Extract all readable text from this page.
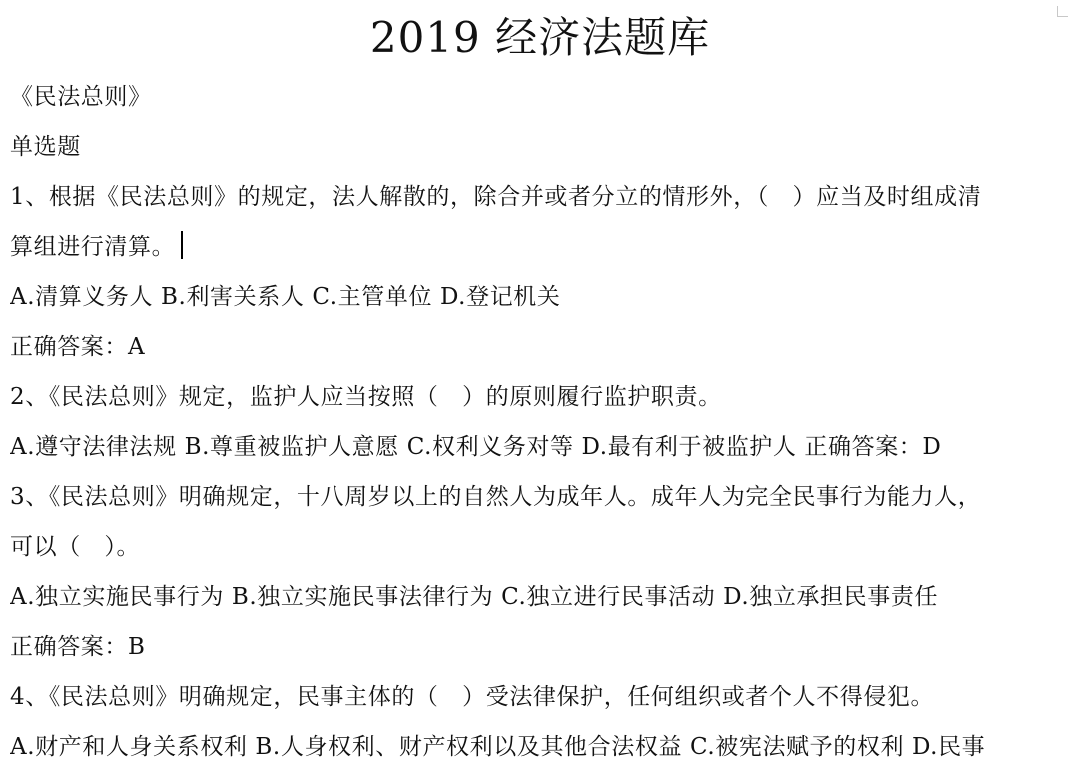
2019 经济法题库

《民法总则》

单选题

1、根据《民法总则》的规定，法人解散的，除合并或者分立的情形外，（　）应当及时组成清

算组进行清算。

A.清算义务人 B.利害关系人 C.主管单位 D.登记机关

正确答案：A

2、《民法总则》规定，监护人应当按照（　）的原则履行监护职责。

A.遵守法律法规 B.尊重被监护人意愿 C.权利义务对等 D.最有利于被监护人 正确答案：D

3、《民法总则》明确规定，十八周岁以上的自然人为成年人。成年人为完全民事行为能力人，

可以（　）。

A.独立实施民事行为 B.独立实施民事法律行为 C.独立进行民事活动 D.独立承担民事责任

正确答案：B

4、《民法总则》明确规定，民事主体的（　）受法律保护，任何组织或者个人不得侵犯。

A.财产和人身关系权利 B.人身权利、财产权利以及其他合法权益 C.被宪法赋予的权利 D.民事
